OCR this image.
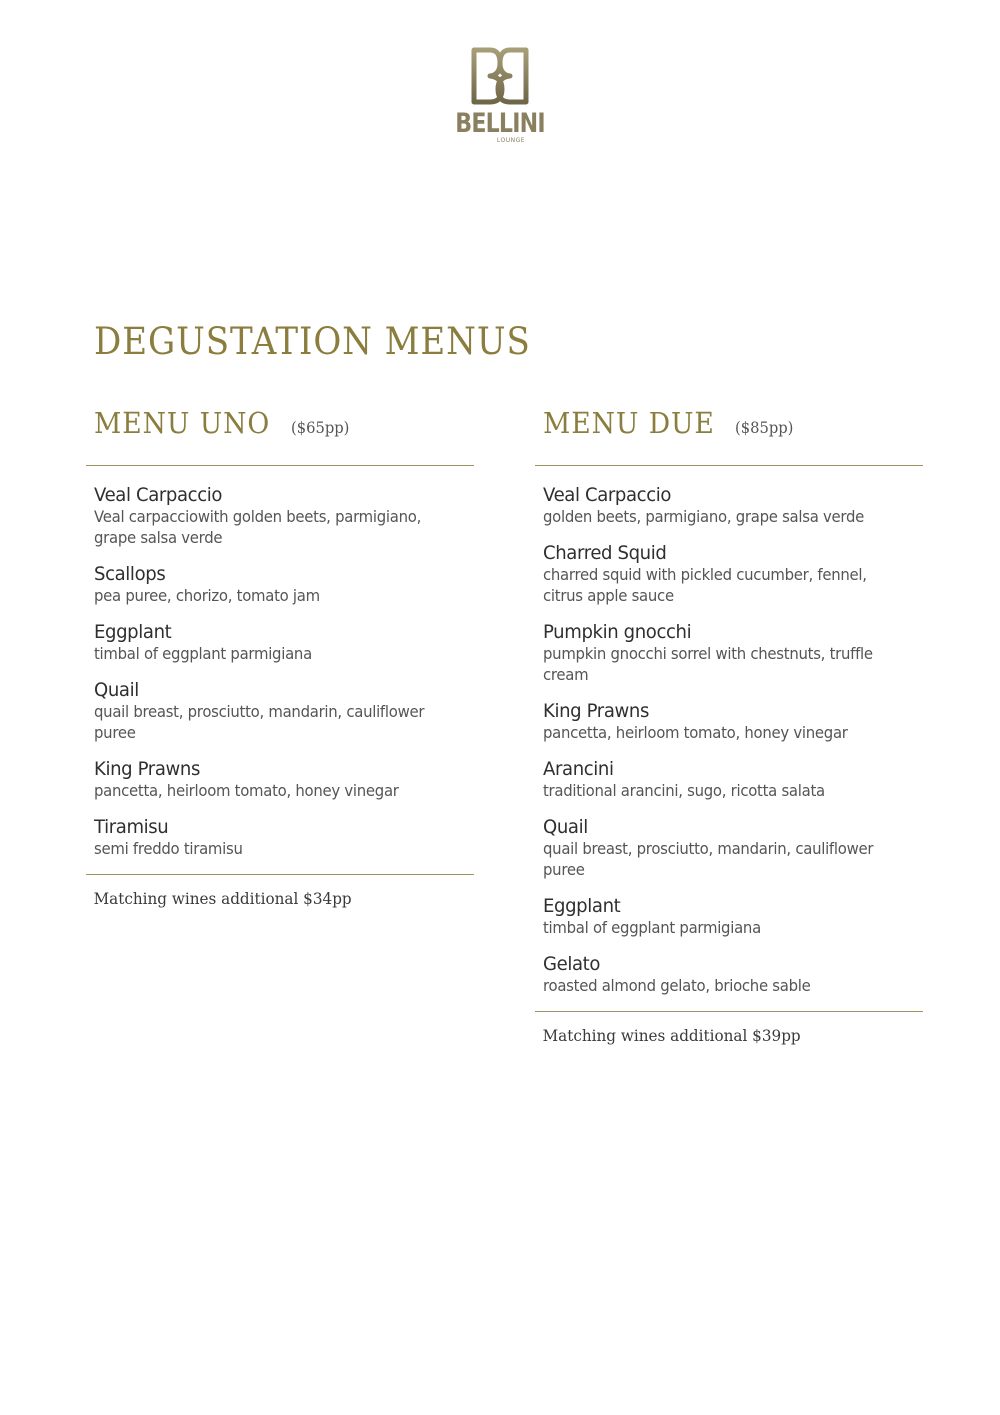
BELLINI
LOUNGE
DEGUSTATION MENUS
MENU UNO ($65pp)
Veal Carpaccio
Veal carpacciowith golden beets, parmigiano, grape salsa verde
Scallops
pea puree, chorizo, tomato jam
Eggplant
timbal of eggplant parmigiana
Quail
quail breast, prosciutto, mandarin, cauliflower puree
King Prawns
pancetta, heirloom tomato, honey vinegar
Tiramisu
semi freddo tiramisu
Matching wines additional $34pp
MENU DUE ($85pp)
Veal Carpaccio
golden beets, parmigiano, grape salsa verde
Charred Squid
charred squid with pickled cucumber, fennel, citrus apple sauce
Pumpkin gnocchi
pumpkin gnocchi sorrel with chestnuts, truffle cream
King Prawns
pancetta, heirloom tomato, honey vinegar
Arancini
traditional arancini, sugo, ricotta salata
Quail
quail breast, prosciutto, mandarin, cauliflower puree
Eggplant
timbal of eggplant parmigiana
Gelato
roasted almond gelato, brioche sable
Matching wines additional $39pp
